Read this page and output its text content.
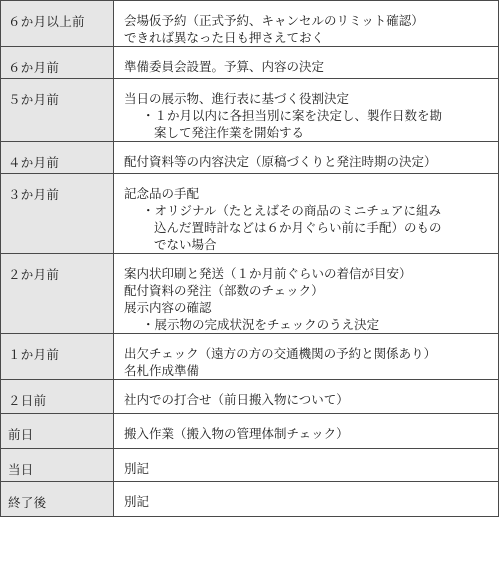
６か月以上前	会場仮予約（正式予約、キャンセルのリミット確認）
できれば異なった日も押さえておく

６か月前	準備委員会設置。予算、内容の決定

５か月前	当日の展示物、進行表に基づく役割決定
・１か月以内に各担当別に案を決定し、製作日数を勘
案して発注作業を開始する

４か月前	配付資料等の内容決定（原稿づくりと発注時期の決定）

３か月前	記念品の手配
・オリジナル（たとえばその商品のミニチュアに組み
込んだ置時計などは６か月ぐらい前に手配）のもの
でない場合

２か月前	案内状印刷と発送（１か月前ぐらいの着信が目安）
配付資料の発注（部数のチェック）
展示内容の確認
・展示物の完成状況をチェックのうえ決定

１か月前	出欠チェック（遠方の方の交通機関の予約と関係あり）
名札作成準備

２日前	社内での打合せ（前日搬入物について）

前日	搬入作業（搬入物の管理体制チェック）

当日	別記

終了後	別記
